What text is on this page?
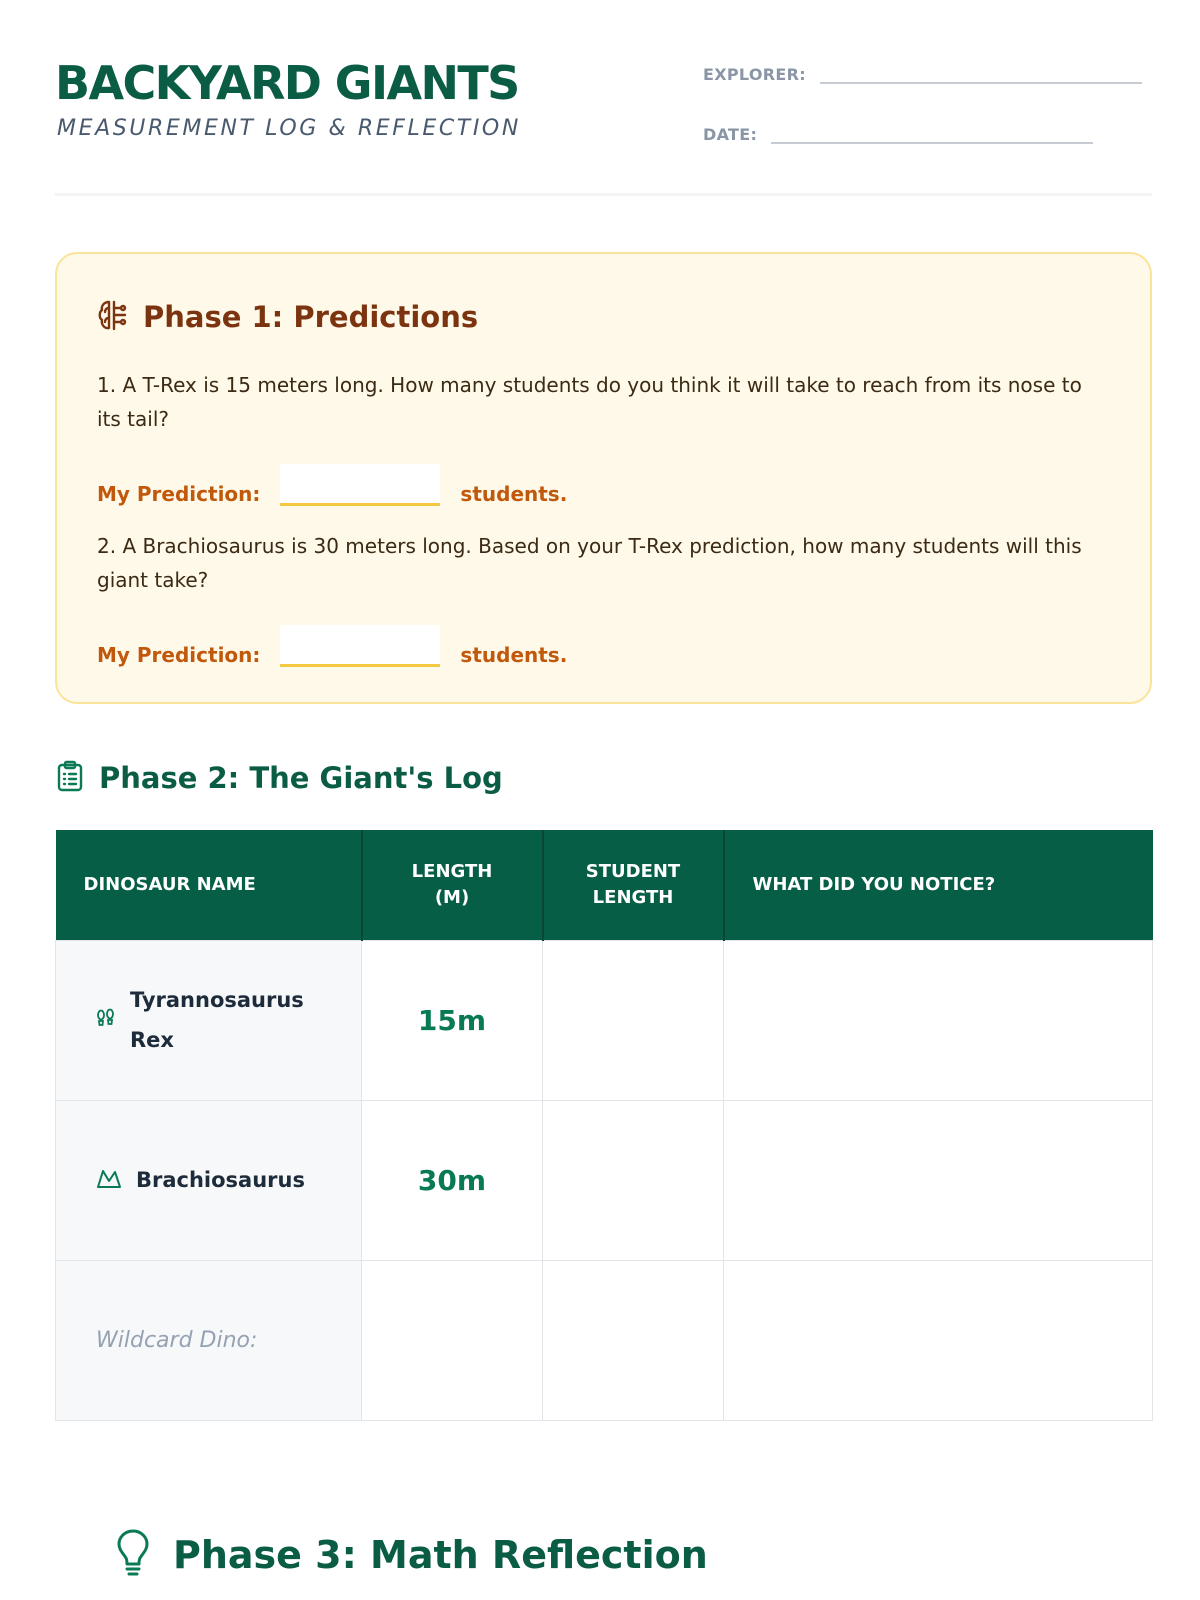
BACKYARD GIANTS
MEASUREMENT LOG & REFLECTION
EXPLORER:
DATE:
Phase 1: Predictions
1. A T-Rex is 15 meters long. How many students do you think it will take to reach from its nose to its tail?
My Prediction:	students.
2. A Brachiosaurus is 30 meters long. Based on your T-Rex prediction, how many students will this giant take?
My Prediction:	students.
Phase 2: The Giant's Log
DINOSAUR NAME	LENGTH (M)	STUDENT LENGTH	WHAT DID YOU NOTICE?

Tyrannosaurus Rex	15m		

Brachiosaurus	30m		
Wildcard Dino:			
Phase 3: Math Reflection
